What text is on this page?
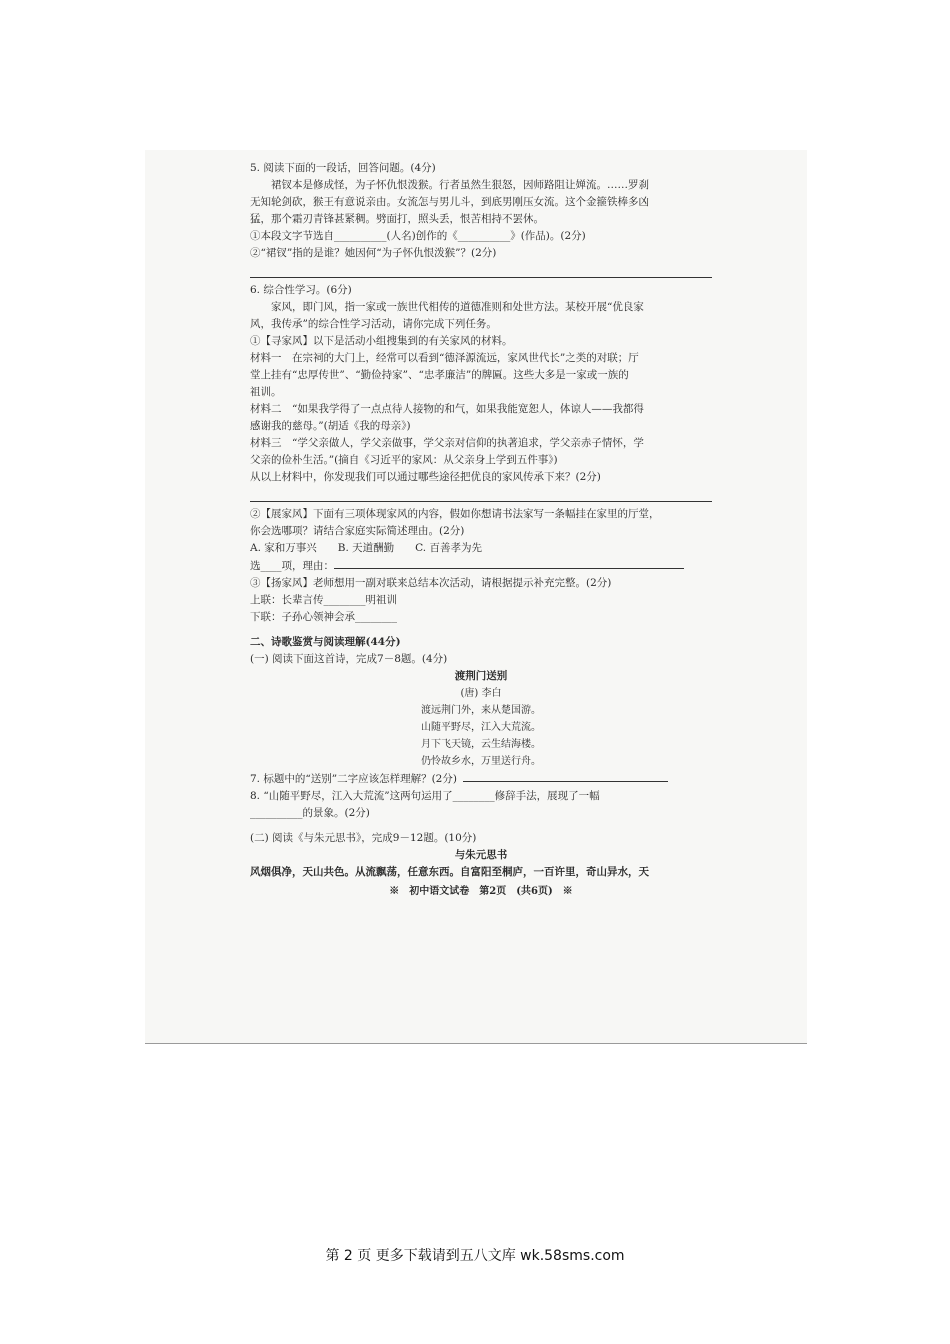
5. 阅读下面的一段话，回答问题。(4分)
裙钗本是修成怪，为子怀仇恨泼猴。行者虽然生狠怒，因师路阻让婵流。……罗刹
无知轮剑砍，猴王有意说亲由。女流怎与男儿斗，到底男刚压女流。这个金箍铁棒多凶
猛，那个霜刃青锋甚紧稠。劈面打，照头丢，恨苦相持不罢休。
①本段文字节选自__________(人名)创作的《__________》(作品)。(2分)
②“裙钗”指的是谁？她因何“为子怀仇恨泼猴”？(2分)
6. 综合性学习。(6分)
家风，即门风，指一家或一族世代相传的道德准则和处世方法。某校开展“优良家
风，我传承”的综合性学习活动，请你完成下列任务。
①【寻家风】以下是活动小组搜集到的有关家风的材料。
材料一　在宗祠的大门上，经常可以看到“德泽源流远，家风世代长”之类的对联；厅
堂上挂有“忠厚传世”、“勤俭持家”、“忠孝廉洁”的牌匾。这些大多是一家或一族的
祖训。
材料二　“如果我学得了一点点待人接物的和气，如果我能宽恕人，体谅人——我都得
感谢我的慈母。”(胡适《我的母亲》)
材料三　“学父亲做人，学父亲做事，学父亲对信仰的执著追求，学父亲赤子情怀，学
父亲的俭朴生活。”(摘自《习近平的家风：从父亲身上学到五件事》)
从以上材料中，你发现我们可以通过哪些途径把优良的家风传承下来？(2分)
②【展家风】下面有三项体现家风的内容，假如你想请书法家写一条幅挂在家里的厅堂，
你会选哪项？请结合家庭实际简述理由。(2分)
A. 家和万事兴　　B. 天道酬勤　　C. 百善孝为先
选____项，理由：
③【扬家风】老师想用一副对联来总结本次活动，请根据提示补充完整。(2分)
上联：长辈言传________明祖训
下联：子孙心领神会承________
二、诗歌鉴赏与阅读理解(44分)
(一) 阅读下面这首诗，完成7－8题。(4分)
渡荆门送别
(唐) 李白
渡远荆门外，来从楚国游。
山随平野尽，江入大荒流。
月下飞天镜，云生结海楼。
仍怜故乡水，万里送行舟。
7. 标题中的“送别”二字应该怎样理解？(2分)
8. “山随平野尽，江入大荒流”这两句运用了________修辞手法，展现了一幅
__________的景象。(2分)
(二) 阅读《与朱元思书》，完成9－12题。(10分)
与朱元思书
风烟俱净，天山共色。从流飘荡，任意东西。自富阳至桐庐，一百许里，奇山异水，天
※　初中语文试卷　第2页　(共6页)　※
第 2 页 更多下载请到五八文库 wk.58sms.com
